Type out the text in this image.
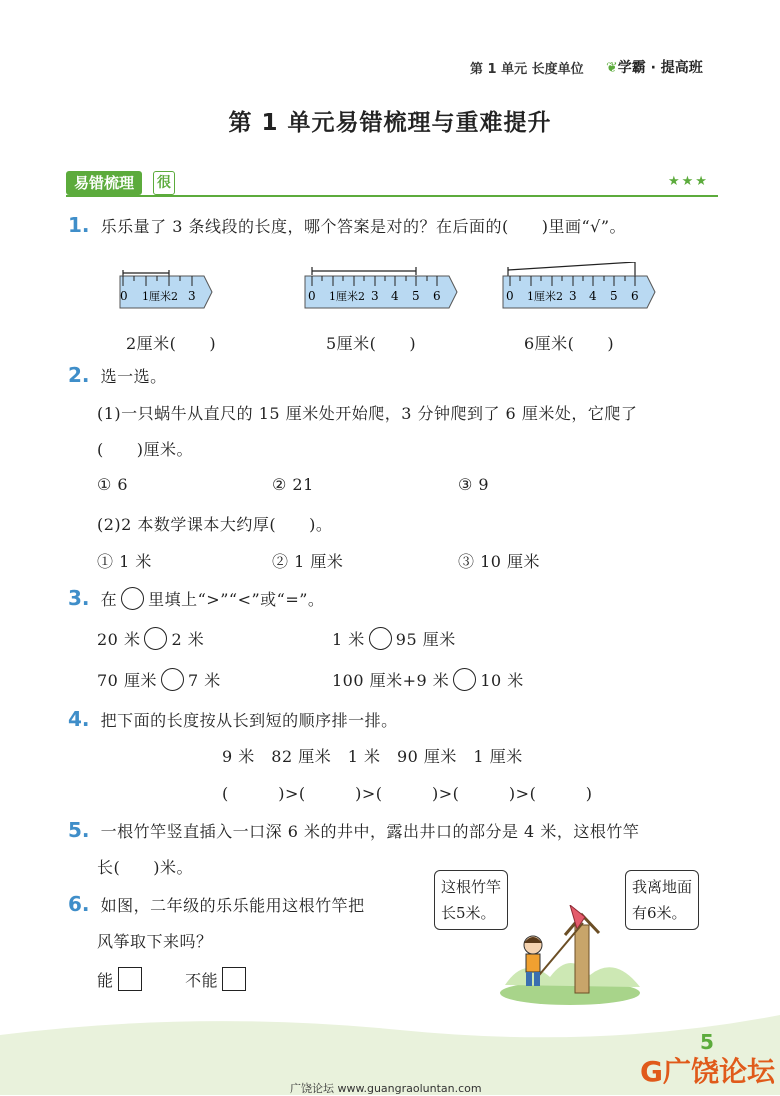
第 1 单元 长度单位 ❦学霸 · 提高班
第 1 单元易错梳理与重难提升
易错梳理	很	★★★
1. 乐乐量了 3 条线段的长度，哪个答案是对的？在后面的(　　)里画“√”。
0 1厘米2 3
2厘米(　　)
0 1厘米2 3 4 5 6
5厘米(　　)
0 1厘米2 3 4 5 6
6厘米(　　)
2. 选一选。
(1)一只蜗牛从直尺的 15 厘米处开始爬，3 分钟爬到了 6 厘米处，它爬了
(　　)厘米。
① 6	② 21	③ 9
(2)2 本数学课本大约厚(　　)。
① 1 米	② 1 厘米	③ 10 厘米
3. 在 里填上“>”“<”或“=”。
20 米 2 米	1 米 95 厘米
70 厘米 7 米	100 厘米+9 米 10 米
4. 把下面的长度按从长到短的顺序排一排。
9 米　82 厘米　1 米　90 厘米　1 厘米
(　　　)>(　　　)>(　　　)>(　　　)>(　　　)
5. 一根竹竿竖直插入一口深 6 米的井中，露出井口的部分是 4 米，这根竹竿
长(　　)米。
6. 如图，二年级的乐乐能用这根竹竿把
风筝取下来吗？
能	不能
这根竹竿
长5米。
我离地面
有6米。
5
广饶论坛 www.guangraoluntan.com
G广饶论坛
